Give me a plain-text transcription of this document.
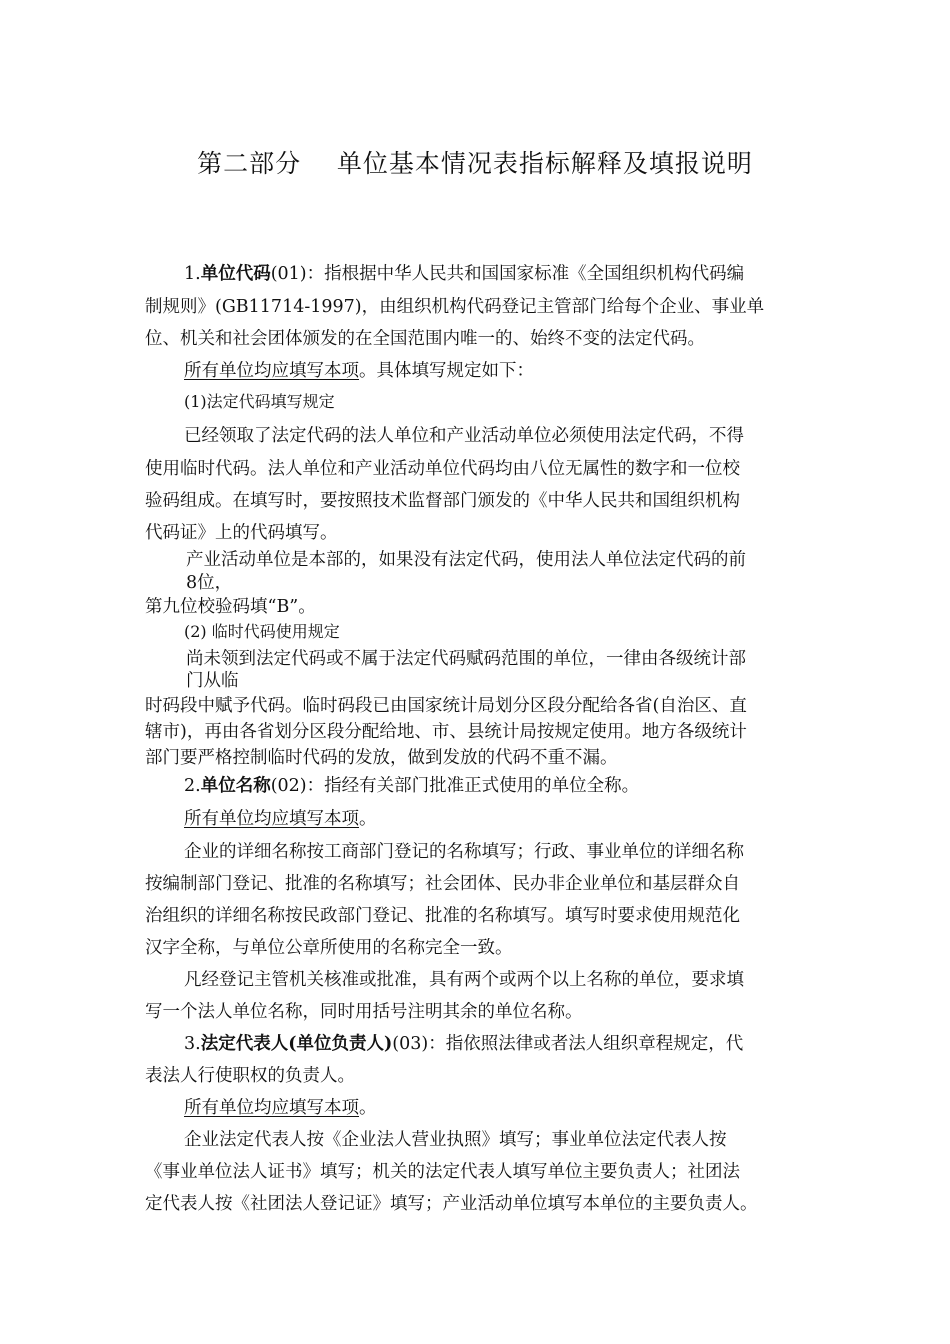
第二部分    单位基本情况表指标解释及填报说明
1.单位代码(01)：指根据中华人民共和国国家标准《全国组织机构代码编
制规则》(GB11714-1997)，由组织机构代码登记主管部门给每个企业、事业单
位、机关和社会团体颁发的在全国范围内唯一的、始终不变的法定代码。
所有单位均应填写本项。具体填写规定如下：
(1)法定代码填写规定
已经领取了法定代码的法人单位和产业活动单位必须使用法定代码，不得
使用临时代码。法人单位和产业活动单位代码均由八位无属性的数字和一位校
验码组成。在填写时，要按照技术监督部门颁发的《中华人民共和国组织机构
代码证》上的代码填写。
产业活动单位是本部的，如果没有法定代码，使用法人单位法定代码的前
8位，
第九位校验码填“B”。
(2) 临时代码使用规定
尚未领到法定代码或不属于法定代码赋码范围的单位，一律由各级统计部
门从临
时码段中赋予代码。临时码段已由国家统计局划分区段分配给各省(自治区、直
辖市)，再由各省划分区段分配给地、市、县统计局按规定使用。地方各级统计
部门要严格控制临时代码的发放，做到发放的代码不重不漏。
2.单位名称(02)：指经有关部门批准正式使用的单位全称。
所有单位均应填写本项。
企业的详细名称按工商部门登记的名称填写；行政、事业单位的详细名称
按编制部门登记、批准的名称填写；社会团体、民办非企业单位和基层群众自
治组织的详细名称按民政部门登记、批准的名称填写。填写时要求使用规范化
汉字全称，与单位公章所使用的名称完全一致。
凡经登记主管机关核准或批准，具有两个或两个以上名称的单位，要求填
写一个法人单位名称，同时用括号注明其余的单位名称。
3.法定代表人(单位负责人)(03)：指依照法律或者法人组织章程规定，代
表法人行使职权的负责人。
所有单位均应填写本项。
企业法定代表人按《企业法人营业执照》填写；事业单位法定代表人按
《事业单位法人证书》填写；机关的法定代表人填写单位主要负责人；社团法
定代表人按《社团法人登记证》填写；产业活动单位填写本单位的主要负责人。
